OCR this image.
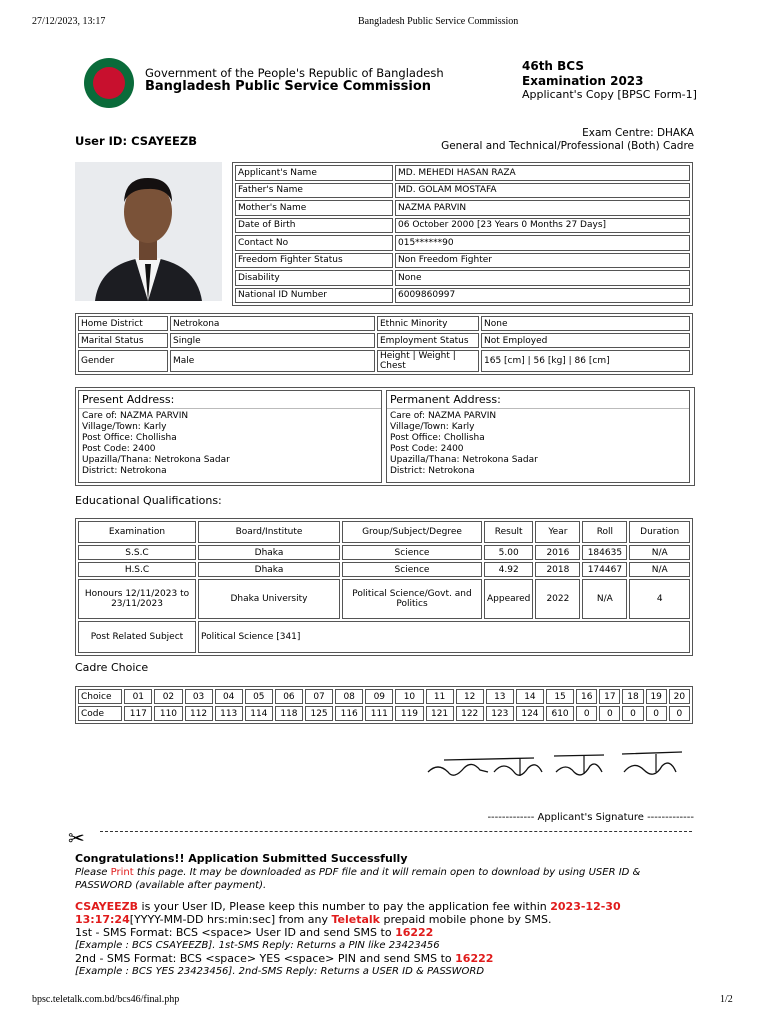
27/12/2023, 13:17	Bangladesh Public Service Commission
Government of the People's Republic of Bangladesh
Bangladesh Public Service Commission
46th BCS
Examination 2023
Applicant's Copy [BPSC Form-1]
User ID: CSAYEEZB
Exam Centre: DHAKA
General and Technical/Professional (Both) Cadre
Applicant's Name	MD. MEHEDI HASAN RAZA
Father's Name	MD. GOLAM MOSTAFA
Mother's Name	NAZMA PARVIN
Date of Birth	06 October 2000 [23 Years 0 Months 27 Days]
Contact No	015******90
Freedom Fighter Status	Non Freedom Fighter
Disability	None
National ID Number	6009860997
Home District	Netrokona	Ethnic Minority	None
Marital Status	Single	Employment Status	Not Employed
Gender	Male	Height | Weight | Chest	165 [cm] | 56 [kg] | 86 [cm]
Present Address:
Care of: NAZMA PARVIN
Village/Town: Karly
Post Office: Chollisha
Post Code: 2400
Upazilla/Thana: Netrokona Sadar
District: Netrokona
Permanent Address:
Care of: NAZMA PARVIN
Village/Town: Karly
Post Office: Chollisha
Post Code: 2400
Upazilla/Thana: Netrokona Sadar
District: Netrokona
Educational Qualifications:
Examination	Board/Institute	Group/Subject/Degree	Result	Year	Roll	Duration
S.S.C	Dhaka	Science	5.00	2016	184635	N/A
H.S.C	Dhaka	Science	4.92	2018	174467	N/A
Honours 12/11/2023 to 23/11/2023	Dhaka University	Political Science/Govt. and Politics	Appeared	2022	N/A	4
Post Related Subject	Political Science [341]					
Cadre Choice
Choice	01	02	03	04	05	06	07	08	09	10	11	12	13	14	15	16	17	18	19	20
Code	117	110	112	113	114	118	125	116	111	119	121	122	123	124	610	0	0	0	0	0
------------- Applicant's Signature -------------
✂
Congratulations!! Application Submitted Successfully
Please Print this page. It may be downloaded as PDF file and it will remain open to download by using USER ID & PASSWORD (available after payment).
CSAYEEZB is your User ID, Please keep this number to pay the application fee within 2023-12-30 13:17:24[YYYY-MM-DD hrs:min:sec] from any Teletalk prepaid mobile phone by SMS.
1st - SMS Format: BCS <space> User ID and send SMS to 16222
[Example : BCS CSAYEEZB]. 1st-SMS Reply: Returns a PIN like 23423456
2nd - SMS Format: BCS <space> YES <space> PIN and send SMS to 16222
[Example : BCS YES 23423456]. 2nd-SMS Reply: Returns a USER ID & PASSWORD
bpsc.teletalk.com.bd/bcs46/final.php	1/2
